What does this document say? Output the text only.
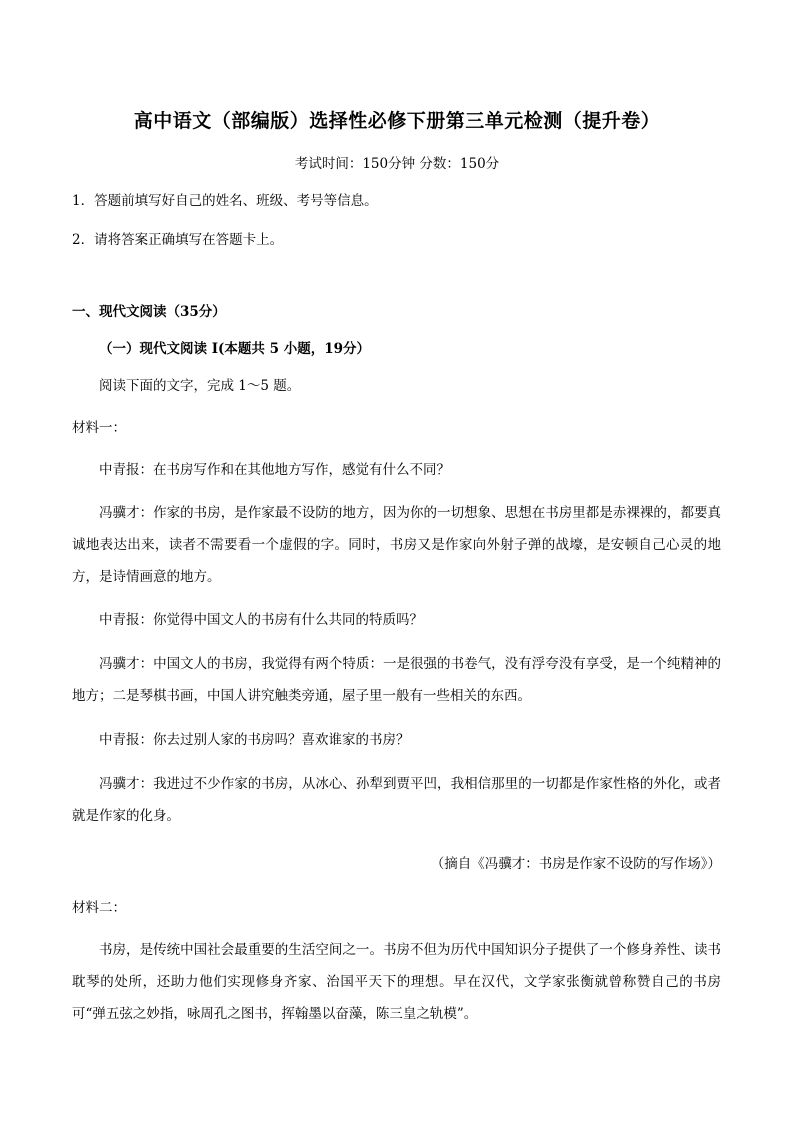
高中语文（部编版）选择性必修下册第三单元检测（提升卷）

考试时间：150分钟 分数：150分

1．答题前填写好自己的姓名、班级、考号等信息。

2．请将答案正确填写在答题卡上。

一、现代文阅读（35分）

（一）现代文阅读 I(本题共 5 小题，19分）

阅读下面的文字，完成 1～5 题。

材料一：

中青报：在书房写作和在其他地方写作，感觉有什么不同？

冯骥才：作家的书房，是作家最不设防的地方，因为你的一切想象、思想在书房里都是赤裸裸的，都要真诚地表达出来，读者不需要看一个虚假的字。同时，书房又是作家向外射子弹的战壕，是安顿自己心灵的地方，是诗情画意的地方。

中青报：你觉得中国文人的书房有什么共同的特质吗？

冯骥才：中国文人的书房，我觉得有两个特质：一是很强的书卷气，没有浮夸没有享受，是一个纯精神的地方；二是琴棋书画，中国人讲究触类旁通，屋子里一般有一些相关的东西。

中青报：你去过别人家的书房吗？喜欢谁家的书房？

冯骥才：我进过不少作家的书房，从冰心、孙犁到贾平凹，我相信那里的一切都是作家性格的外化，或者就是作家的化身。

（摘自《冯骥才：书房是作家不设防的写作场》）

材料二：

书房，是传统中国社会最重要的生活空间之一。书房不但为历代中国知识分子提供了一个修身养性、读书耽琴的处所，还助力他们实现修身齐家、治国平天下的理想。早在汉代，文学家张衡就曾称赞自己的书房可“弹五弦之妙指，咏周孔之图书，挥翰墨以奋藻，陈三皇之轨模”。
